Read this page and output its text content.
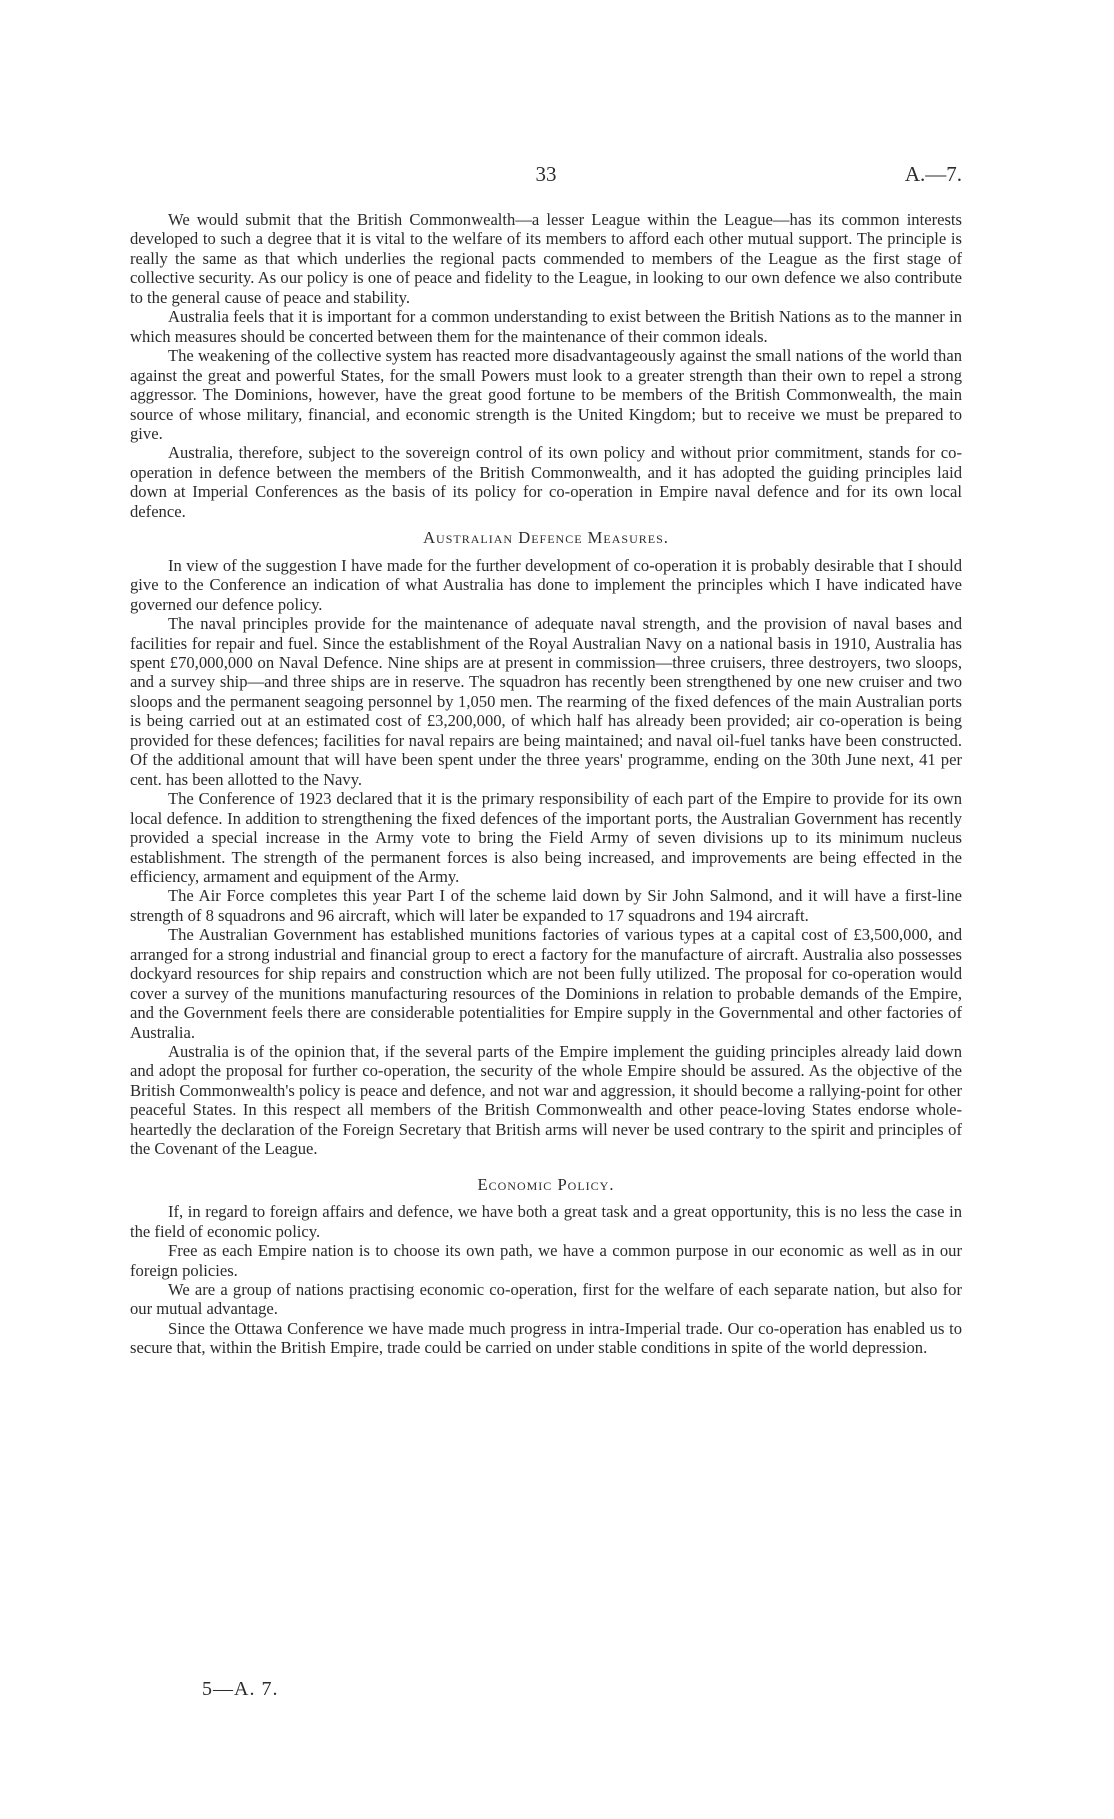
33	A.—7.

We would submit that the British Commonwealth—a lesser League within the League—has its common interests developed to such a degree that it is vital to the welfare of its members to afford each other mutual support. The principle is really the same as that which underlies the regional pacts commended to members of the League as the first stage of collective security. As our policy is one of peace and fidelity to the League, in looking to our own defence we also contribute to the general cause of peace and stability.

Australia feels that it is important for a common understanding to exist between the British Nations as to the manner in which measures should be concerted between them for the maintenance of their common ideals.

The weakening of the collective system has reacted more disadvantageously against the small nations of the world than against the great and powerful States, for the small Powers must look to a greater strength than their own to repel a strong aggressor. The Dominions, however, have the great good fortune to be members of the British Commonwealth, the main source of whose military, financial, and economic strength is the United Kingdom; but to receive we must be prepared to give.

Australia, therefore, subject to the sovereign control of its own policy and without prior commitment, stands for co-operation in defence between the members of the British Commonwealth, and it has adopted the guiding principles laid down at Imperial Conferences as the basis of its policy for co-operation in Empire naval defence and for its own local defence.

Australian Defence Measures.

In view of the suggestion I have made for the further development of co-operation it is probably desirable that I should give to the Conference an indication of what Australia has done to implement the principles which I have indicated have governed our defence policy.

The naval principles provide for the maintenance of adequate naval strength, and the provision of naval bases and facilities for repair and fuel. Since the establishment of the Royal Australian Navy on a national basis in 1910, Australia has spent £70,000,000 on Naval Defence. Nine ships are at present in commission—three cruisers, three destroyers, two sloops, and a survey ship—and three ships are in reserve. The squadron has recently been strengthened by one new cruiser and two sloops and the permanent seagoing personnel by 1,050 men. The rearming of the fixed defences of the main Australian ports is being carried out at an estimated cost of £3,200,000, of which half has already been provided; air co-operation is being provided for these defences; facilities for naval repairs are being maintained; and naval oil-fuel tanks have been constructed. Of the additional amount that will have been spent under the three years' programme, ending on the 30th June next, 41 per cent. has been allotted to the Navy.

The Conference of 1923 declared that it is the primary responsibility of each part of the Empire to provide for its own local defence. In addition to strengthening the fixed defences of the important ports, the Australian Government has recently provided a special increase in the Army vote to bring the Field Army of seven divisions up to its minimum nucleus establishment. The strength of the permanent forces is also being increased, and improvements are being effected in the efficiency, armament and equipment of the Army.

The Air Force completes this year Part I of the scheme laid down by Sir John Salmond, and it will have a first-line strength of 8 squadrons and 96 aircraft, which will later be expanded to 17 squadrons and 194 aircraft.

The Australian Government has established munitions factories of various types at a capital cost of £3,500,000, and arranged for a strong industrial and financial group to erect a factory for the manufacture of aircraft. Australia also possesses dockyard resources for ship repairs and construction which are not been fully utilized. The proposal for co-operation would cover a survey of the munitions manufacturing resources of the Dominions in relation to probable demands of the Empire, and the Government feels there are considerable potentialities for Empire supply in the Governmental and other factories of Australia.

Australia is of the opinion that, if the several parts of the Empire implement the guiding principles already laid down and adopt the proposal for further co-operation, the security of the whole Empire should be assured. As the objective of the British Commonwealth's policy is peace and defence, and not war and aggression, it should become a rallying-point for other peaceful States. In this respect all members of the British Commonwealth and other peace-loving States endorse whole-heartedly the declaration of the Foreign Secretary that British arms will never be used contrary to the spirit and principles of the Covenant of the League.

Economic Policy.

If, in regard to foreign affairs and defence, we have both a great task and a great opportunity, this is no less the case in the field of economic policy.

Free as each Empire nation is to choose its own path, we have a common purpose in our economic as well as in our foreign policies.

We are a group of nations practising economic co-operation, first for the welfare of each separate nation, but also for our mutual advantage.

Since the Ottawa Conference we have made much progress in intra-Imperial trade. Our co-operation has enabled us to secure that, within the British Empire, trade could be carried on under stable conditions in spite of the world depression.

5—A. 7.
